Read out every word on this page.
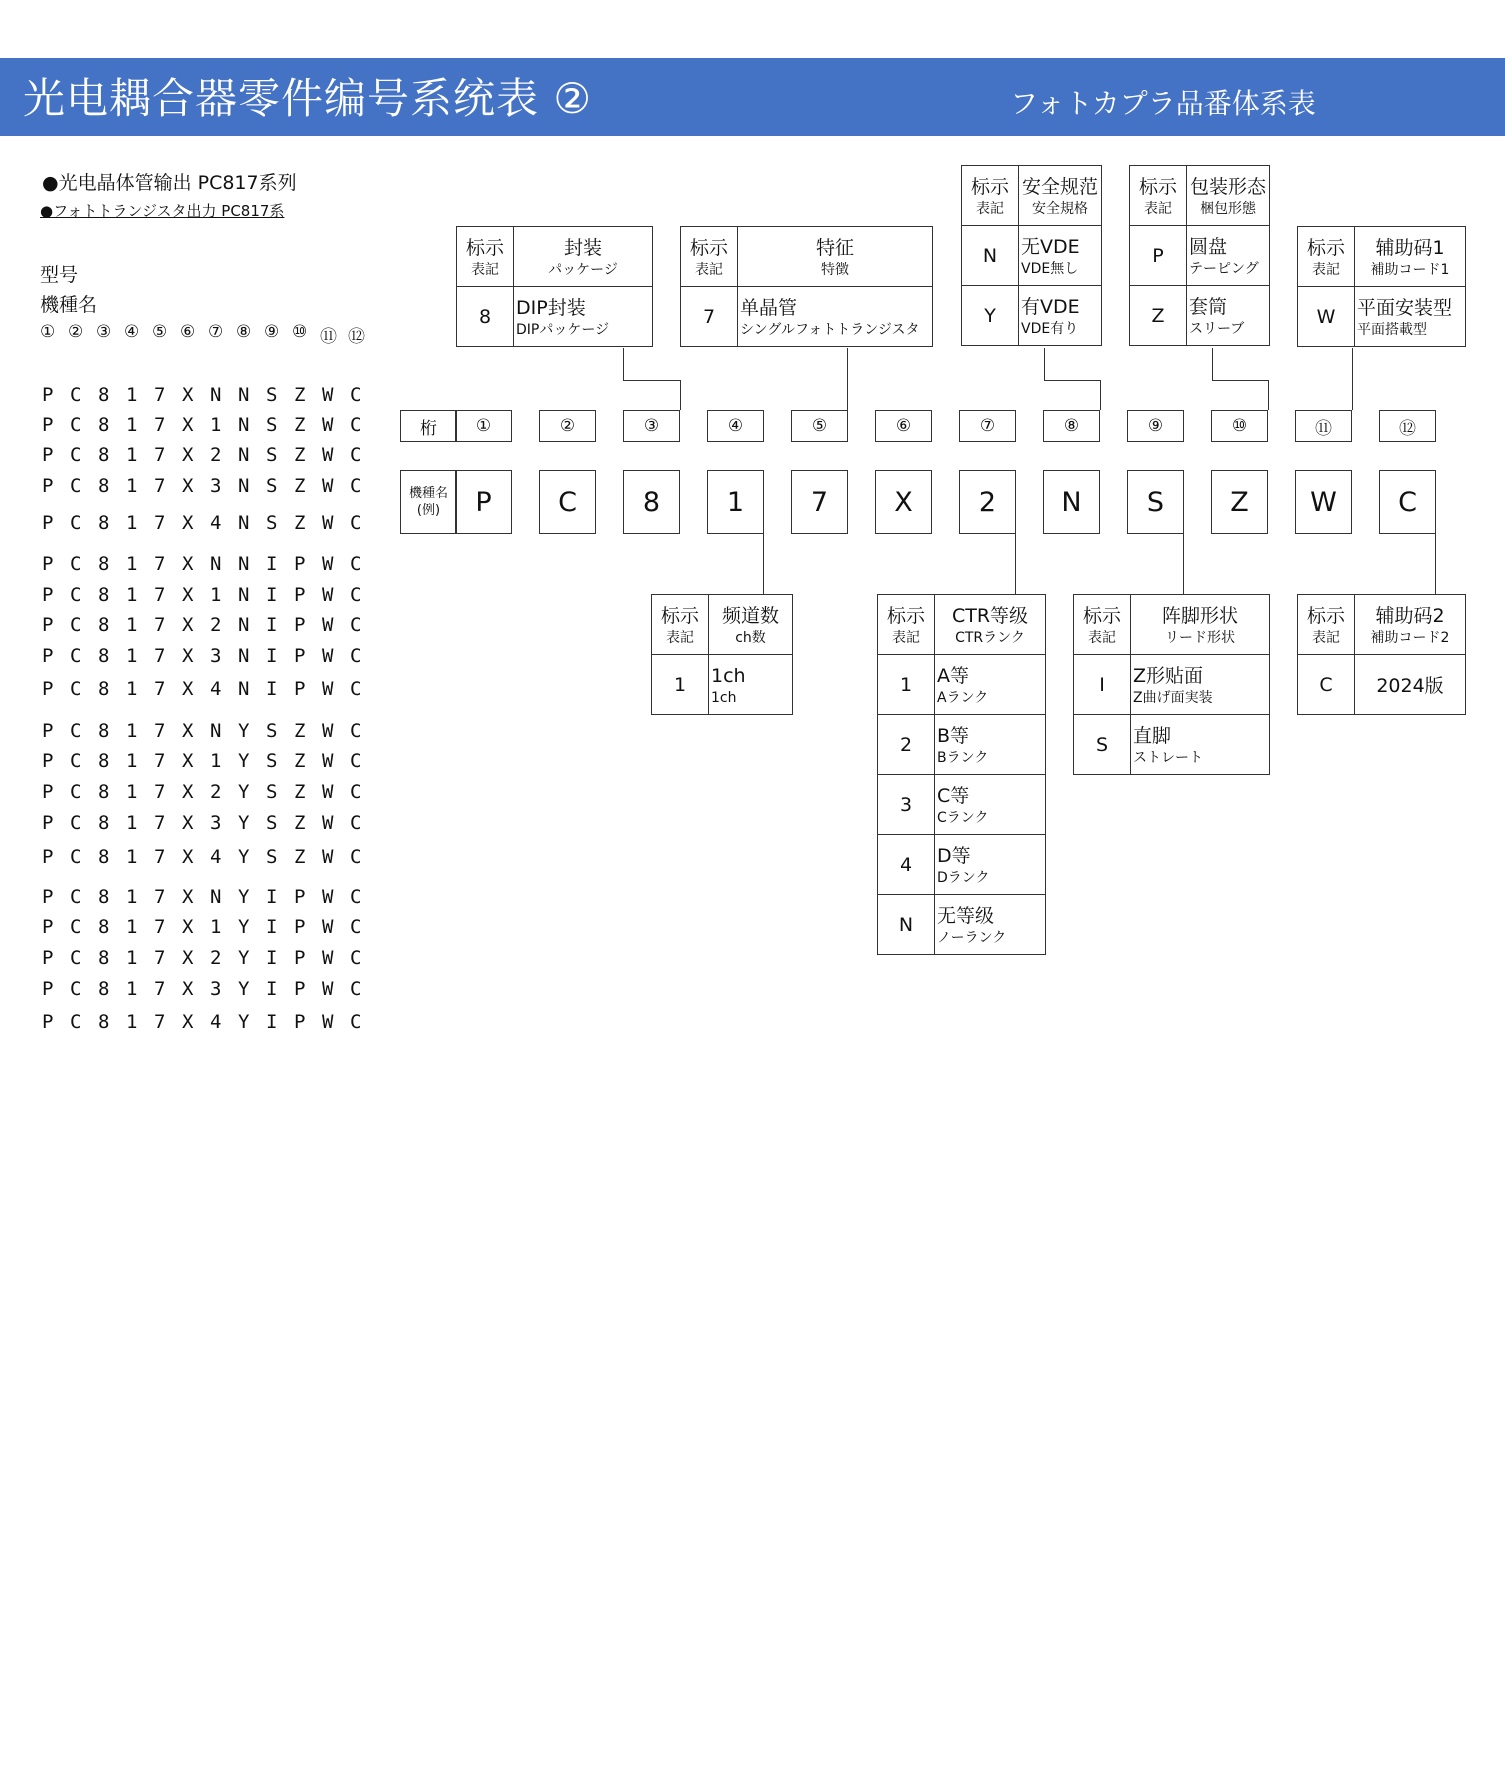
光电耦合器零件编号系统表 ②	フォトカプラ品番体系表
●光电晶体管输出 PC817系列
●フォトトランジスタ出力 PC817系
型号
機種名
① ② ③ ④ ⑤ ⑥ ⑦ ⑧ ⑨ ⑩ ⑪ ⑫
P C 8 1 7 X N N S Z W C
P C 8 1 7 X 1 N S Z W C
P C 8 1 7 X 2 N S Z W C
P C 8 1 7 X 3 N S Z W C
P C 8 1 7 X 4 N S Z W C
P C 8 1 7 X N N I P W C
P C 8 1 7 X 1 N I P W C
P C 8 1 7 X 2 N I P W C
P C 8 1 7 X 3 N I P W C
P C 8 1 7 X 4 N I P W C
P C 8 1 7 X N Y S Z W C
P C 8 1 7 X 1 Y S Z W C
P C 8 1 7 X 2 Y S Z W C
P C 8 1 7 X 3 Y S Z W C
P C 8 1 7 X 4 Y S Z W C
P C 8 1 7 X N Y I P W C
P C 8 1 7 X 1 Y I P W C
P C 8 1 7 X 2 Y I P W C
P C 8 1 7 X 3 Y I P W C
P C 8 1 7 X 4 Y I P W C
桁	①	②	③	④	⑤	⑥	⑦	⑧	⑨	⑩	⑪	⑫
機種名
(例)	P	C	8	1	7	X	2	N	S	Z	W	C
标示
表記	封装
パッケージ

8	DIP封装
DIPパッケージ
标示
表記	特征
特徴

7	单晶管
シングルフォトトランジスタ
标示
表記	安全规范
安全規格

N	无VDE
VDE無し

Y	有VDE
VDE有り
标示
表記	包装形态
梱包形態

P	圆盘
テーピング

Z	套筒
スリーブ
标示
表記	辅助码1
補助コード1

W	平面安装型
平面搭載型
标示
表記	频道数
ch数

1	1ch
1ch
标示
表記	CTR等级
CTRランク

1	A等
Aランク

2	B等
Bランク

3	C等
Cランク

4	D等
Dランク

N	无等级
ノーランク
标示
表記	阵脚形状
リード形状

I	Z形贴面
Z曲げ面実装

S	直脚
ストレート
标示
表記	辅助码2
補助コード2

C	2024版
